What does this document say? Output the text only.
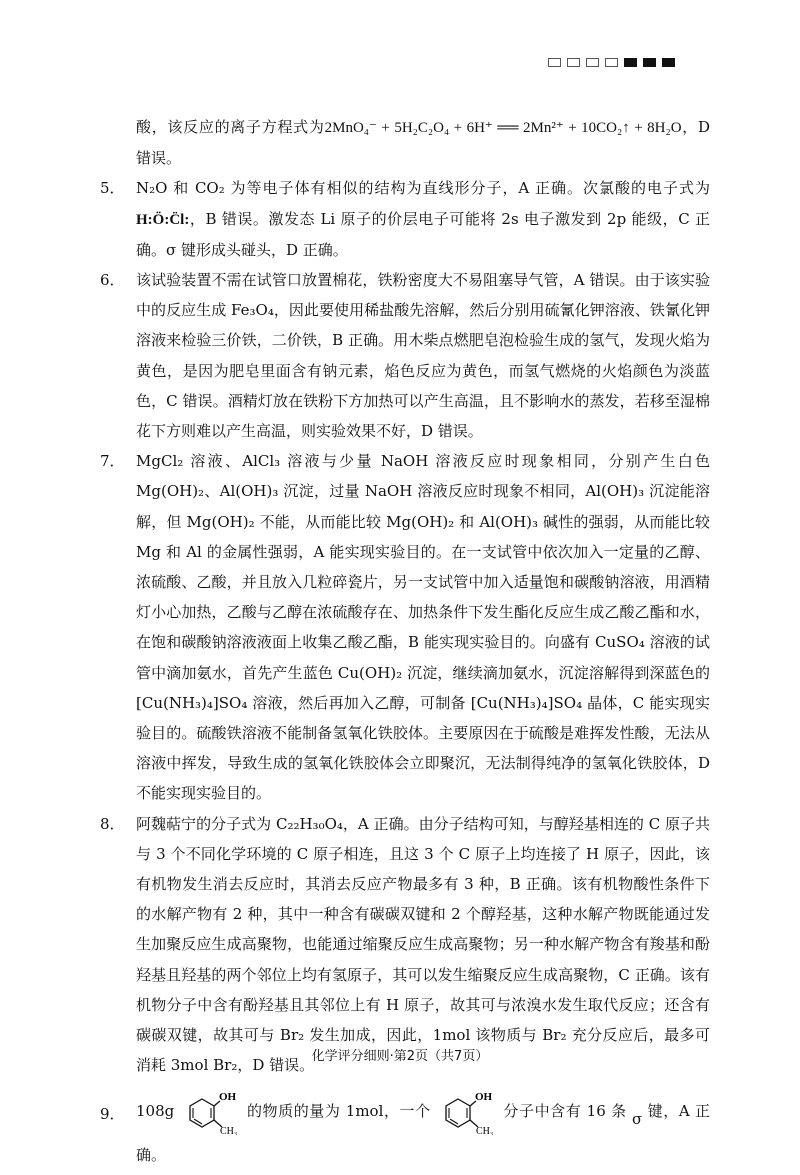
酸，该反应的离子方程式为2MnO₄⁻ + 5H₂C₂O₄ + 6H⁺ ══ 2Mn²⁺ + 10CO₂↑ + 8H₂O，D 错误。
5． N₂O 和 CO₂ 为等电子体有相似的结构为直线形分子，A 正确。次氯酸的电子式为H:Ö:C̈l:，B 错误。激发态 Li 原子的价层电子可能将 2s 电子激发到 2p 能级，C 正确。σ 键形成头碰头，D 正确。
6． 该试验装置不需在试管口放置棉花，铁粉密度大不易阻塞导气管，A 错误。由于该实验中的反应生成 Fe₃O₄，因此要使用稀盐酸先溶解，然后分别用硫氰化钾溶液、铁氰化钾溶液来检验三价铁，二价铁，B 正确。用木柴点燃肥皂泡检验生成的氢气，发现火焰为黄色，是因为肥皂里面含有钠元素，焰色反应为黄色，而氢气燃烧的火焰颜色为淡蓝色，C 错误。酒精灯放在铁粉下方加热可以产生高温，且不影响水的蒸发，若移至湿棉花下方则难以产生高温，则实验效果不好，D 错误。
7． MgCl₂ 溶液、AlCl₃ 溶液与少量 NaOH 溶液反应时现象相同，分别产生白色 Mg(OH)₂、Al(OH)₃ 沉淀，过量 NaOH 溶液反应时现象不相同，Al(OH)₃ 沉淀能溶解，但 Mg(OH)₂ 不能，从而能比较 Mg(OH)₂ 和 Al(OH)₃ 碱性的强弱，从而能比较 Mg 和 Al 的金属性强弱，A 能实现实验目的。在一支试管中依次加入一定量的乙醇、浓硫酸、乙酸，并且放入几粒碎瓷片，另一支试管中加入适量饱和碳酸钠溶液，用酒精灯小心加热，乙酸与乙醇在浓硫酸存在、加热条件下发生酯化反应生成乙酸乙酯和水，在饱和碳酸钠溶液液面上收集乙酸乙酯，B 能实现实验目的。向盛有 CuSO₄ 溶液的试管中滴加氨水，首先产生蓝色 Cu(OH)₂ 沉淀，继续滴加氨水，沉淀溶解得到深蓝色的 [Cu(NH₃)₄]SO₄ 溶液，然后再加入乙醇，可制备 [Cu(NH₃)₄]SO₄ 晶体，C 能实现实验目的。硫酸铁溶液不能制备氢氧化铁胶体。主要原因在于硫酸是难挥发性酸，无法从溶液中挥发，导致生成的氢氧化铁胶体会立即聚沉，无法制得纯净的氢氧化铁胶体，D 不能实现实验目的。
8． 阿魏萜宁的分子式为 C₂₂H₃₀O₄，A 正确。由分子结构可知，与醇羟基相连的 C 原子共与 3 个不同化学环境的 C 原子相连，且这 3 个 C 原子上均连接了 H 原子，因此，该有机物发生消去反应时，其消去反应产物最多有 3 种，B 正确。该有机物酸性条件下的水解产物有 2 种，其中一种含有碳碳双键和 2 个醇羟基，这种水解产物既能通过发生加聚反应生成高聚物，也能通过缩聚反应生成高聚物；另一种水解产物含有羧基和酚羟基且羟基的两个邻位上均有氢原子，其可以发生缩聚反应生成高聚物，C 正确。该有机物分子中含有酚羟基且其邻位上有 H 原子，故其可与浓溴水发生取代反应；还含有碳碳双键，故其可与 Br₂ 发生加成，因此，1mol 该物质与 Br₂ 充分反应后，最多可消耗 3mol Br₂，D 错误。
9． 108g
OH
CH₃
的物质的量为 1mol，一个
OH
CH₃
分子中含有 16 条 σ 键，A 正确。
化学评分细则·第2页（共7页）
